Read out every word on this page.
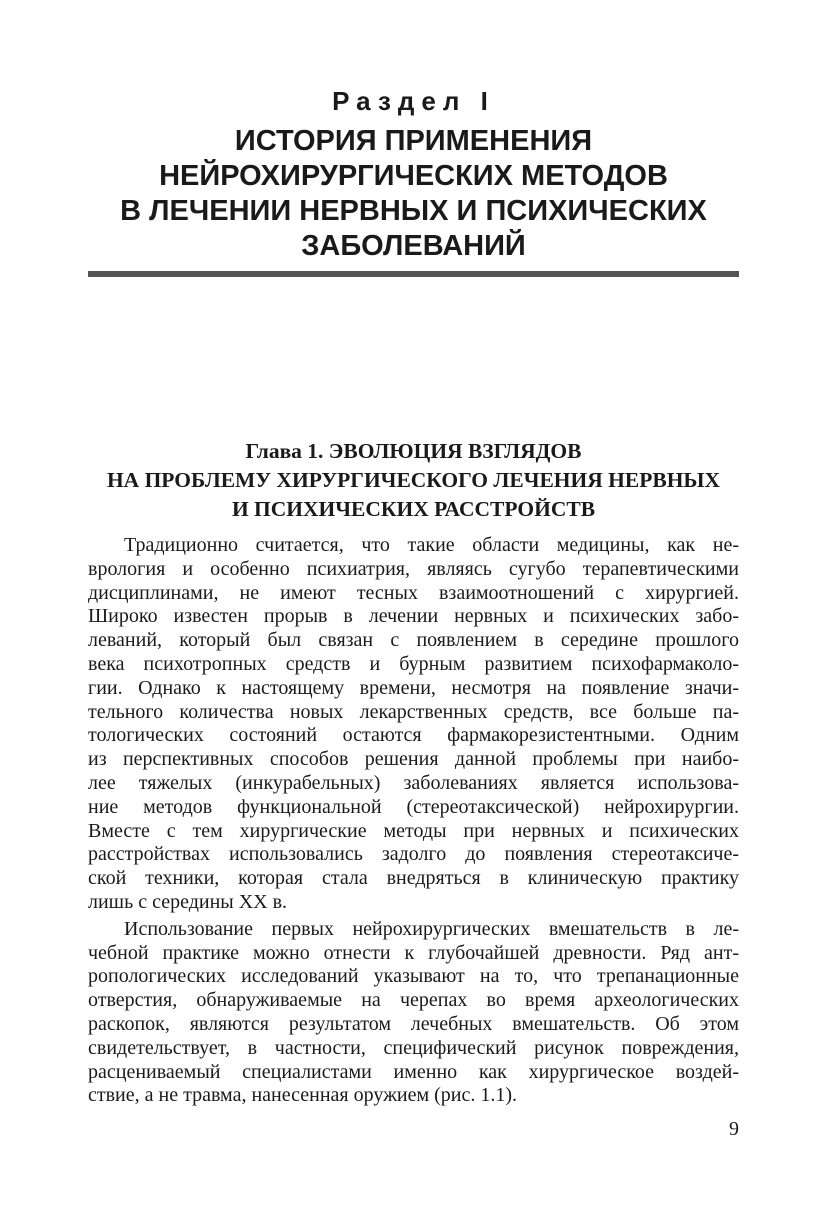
Раздел I
ИСТОРИЯ ПРИМЕНЕНИЯ
НЕЙРОХИРУРГИЧЕСКИХ МЕТОДОВ
В ЛЕЧЕНИИ НЕРВНЫХ И ПСИХИЧЕСКИХ
ЗАБОЛЕВАНИЙ
Глава 1. ЭВОЛЮЦИЯ ВЗГЛЯДОВ
НА ПРОБЛЕМУ ХИРУРГИЧЕСКОГО ЛЕЧЕНИЯ НЕРВНЫХ
И ПСИХИЧЕСКИХ РАССТРОЙСТВ

Традиционно считается, что такие области медицины, как не-
врология и особенно психиатрия, являясь сугубо терапевтическими
дисциплинами, не имеют тесных взаимоотношений с хирургией.
Широко известен прорыв в лечении нервных и психических забо-
леваний, который был связан с появлением в середине прошлого
века психотропных средств и бурным развитием психофармаколо-
гии. Однако к настоящему времени, несмотря на появление значи-
тельного количества новых лекарственных средств, все больше па-
тологических состояний остаются фармакорезистентными. Одним
из перспективных способов решения данной проблемы при наибо-
лее тяжелых (инкурабельных) заболеваниях является использова-
ние методов функциональной (стереотаксической) нейрохирургии.
Вместе с тем хирургические методы при нервных и психических
расстройствах использовались задолго до появления стереотаксиче-
ской техники, которая стала внедряться в клиническую практику
лишь с середины XX в.

Использование первых нейрохирургических вмешательств в ле-
чебной практике можно отнести к глубочайшей древности. Ряд ант-
ропологических исследований указывают на то, что трепанационные
отверстия, обнаруживаемые на черепах во время археологических
раскопок, являются результатом лечебных вмешательств. Об этом
свидетельствует, в частности, специфический рисунок повреждения,
расцениваемый специалистами именно как хирургическое воздей-
ствие, а не травма, нанесенная оружием (рис. 1.1).

9
